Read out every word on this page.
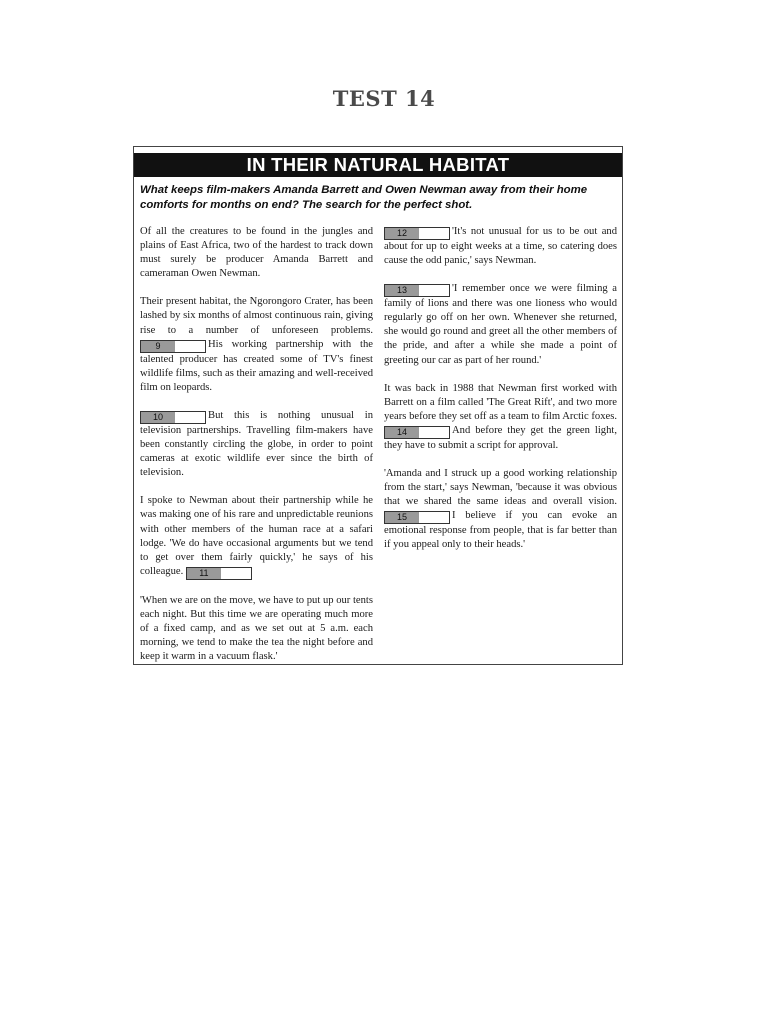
TEST 14
IN THEIR NATURAL HABITAT
What keeps film-makers Amanda Barrett and Owen Newman away from their home comforts for months on end? The search for the perfect shot.

Of all the creatures to be found in the jungles and plains of East Africa, two of the hardest to track down must surely be producer Amanda Barrett and cameraman Owen Newman.

Their present habitat, the Ngorongoro Crater, has been lashed by six months of almost continuous rain, giving rise to a number of unforeseen problems. 9	His working partnership with the talented producer has created some of TV's finest wildlife films, such as their amazing and well-received film on leopards.

10	But this is nothing unusual in television partnerships. Travelling film-makers have been constantly circling the globe, in order to point cameras at exotic wildlife ever since the birth of television.

I spoke to Newman about their partnership while he was making one of his rare and unpredictable reunions with other members of the human race at a safari lodge. 'We do have occasional arguments but we tend to get over them fairly quickly,' he says of his colleague. 11

'When we are on the move, we have to put up our tents each night. But this time we are operating much more of a fixed camp, and as we set out at 5 a.m. each morning, we tend to make the tea the night before and keep it warm in a vacuum flask.'

12	'It's not unusual for us to be out and about for up to eight weeks at a time, so catering does cause the odd panic,' says Newman.

13	'I remember once we were filming a family of lions and there was one lioness who would regularly go off on her own. Whenever she returned, she would go round and greet all the other members of the pride, and after a while she made a point of greeting our car as part of her round.'

It was back in 1988 that Newman first worked with Barrett on a film called 'The Great Rift', and two more years before they set off as a team to film Arctic foxes. 14	And before they get the green light, they have to submit a script for approval.

'Amanda and I struck up a good working relationship from the start,' says Newman, 'because it was obvious that we shared the same ideas and overall vision. 15	I believe if you can evoke an emotional response from people, that is far better than if you appeal only to their heads.'
